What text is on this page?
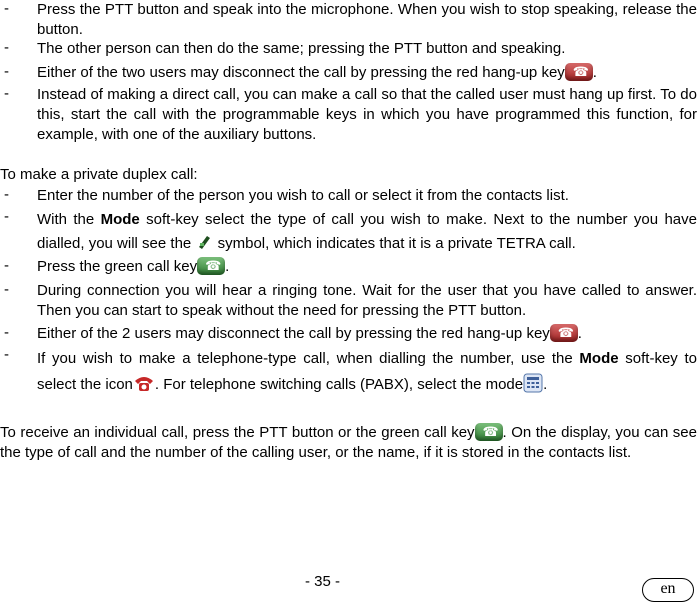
- Press the PTT button and speak into the microphone. When you wish to stop speaking, release the button.
- The other person can then do the same; pressing the PTT button and speaking.
- Either of the two users may disconnect the call by pressing the red hang-up key ☎ .
- Instead of making a direct call, you can make a call so that the called user must hang up first. To do this, start the call with the programmable keys in which you have programmed this function, for example, with one of the auxiliary buttons.
To make a private duplex call:
- Enter the number of the person you wish to call or select it from the contacts list.
- With the Mode soft-key select the type of call you wish to make. Next to the number you have dialled, you will see the  symbol, which indicates that it is a private TETRA call.
- Press the green call key ☎ .
- During connection you will hear a ringing tone. Wait for the user that you have called to answer. Then you can start to speak without the need for pressing the PTT button.
- Either of the 2 users may disconnect the call by pressing the red hang-up key ☎ .
- If you wish to make a telephone-type call, when dialling the number, use the Mode soft-key to select the icon . For telephone switching calls (PABX), select the mode .
To receive an individual call, press the PTT button or the green call key ☎ . On the display, you can see the type of call and the number of the calling user, or the name, if it is stored in the contacts list.
- 35 -	en
